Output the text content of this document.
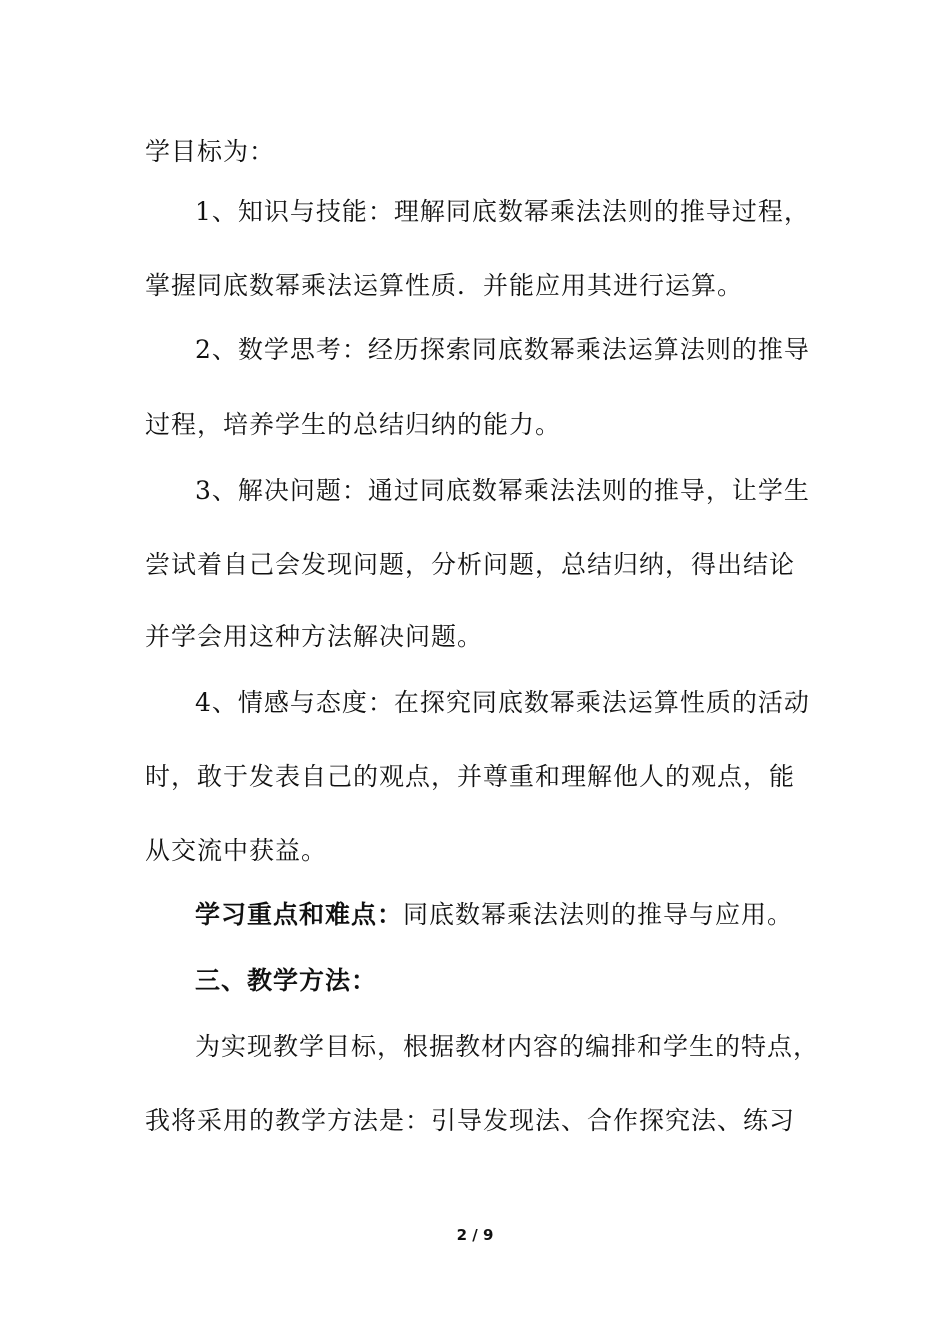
学目标为：
1、知识与技能：理解同底数幂乘法法则的推导过程，
掌握同底数幂乘法运算性质．并能应用其进行运算。
2、数学思考：经历探索同底数幂乘法运算法则的推导
过程，培养学生的总结归纳的能力。
3、解决问题：通过同底数幂乘法法则的推导，让学生
尝试着自己会发现问题，分析问题，总结归纳，得出结论
并学会用这种方法解决问题。
4、情感与态度：在探究同底数幂乘法运算性质的活动
时，敢于发表自己的观点，并尊重和理解他人的观点，能
从交流中获益。
学习重点和难点：同底数幂乘法法则的推导与应用。
三、教学方法：
为实现教学目标，根据教材内容的编排和学生的特点，
我将采用的教学方法是：引导发现法、合作探究法、练习
2 / 9
